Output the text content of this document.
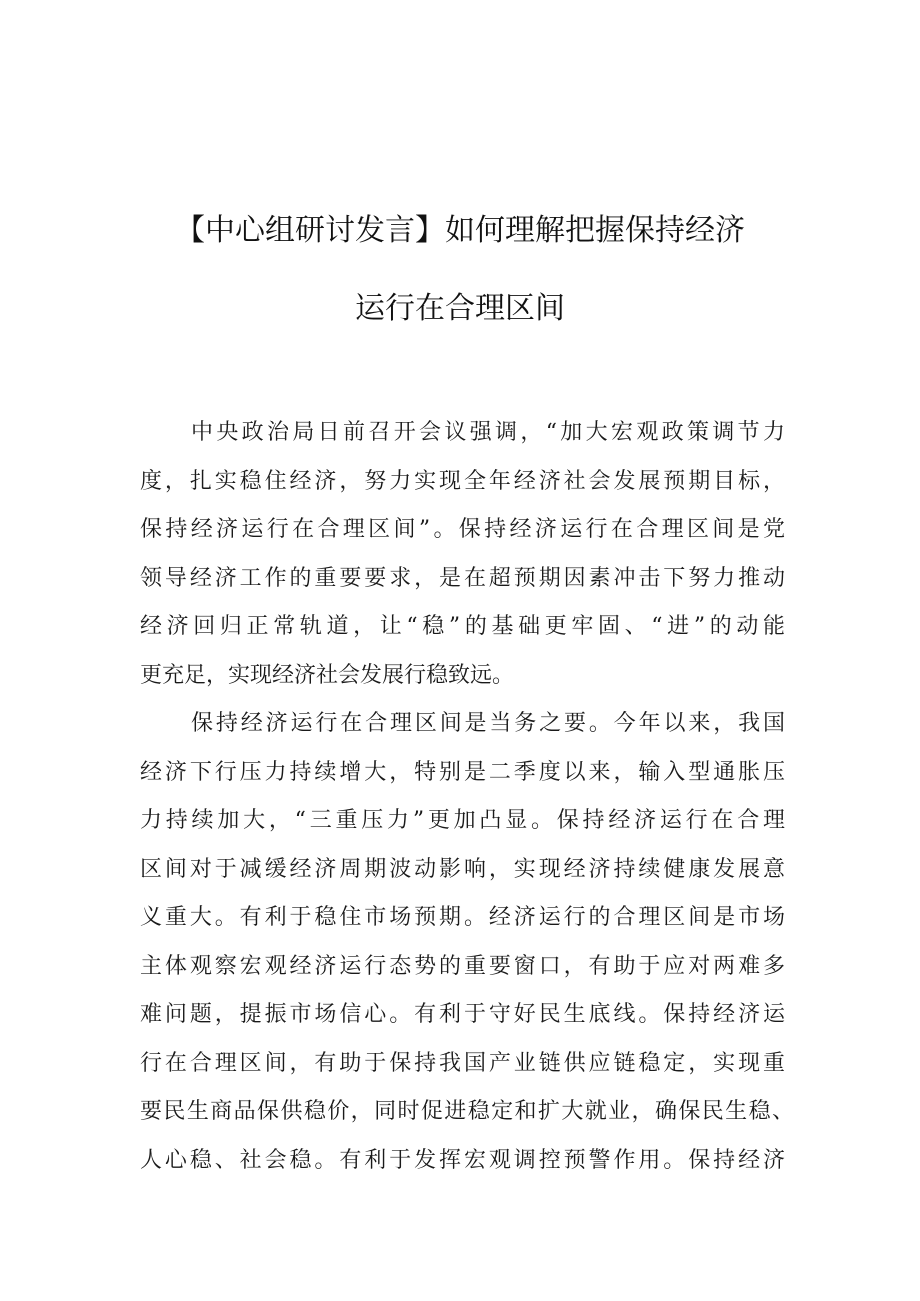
【中心组研讨发言】如何理解把握保持经济
运行在合理区间
中央政治局日前召开会议强调，“加大宏观政策调节力
度，扎实稳住经济，努力实现全年经济社会发展预期目标，
保持经济运行在合理区间”。保持经济运行在合理区间是党
领导经济工作的重要要求，是在超预期因素冲击下努力推动
经济回归正常轨道，让“稳”的基础更牢固、“进”的动能
更充足，实现经济社会发展行稳致远。
保持经济运行在合理区间是当务之要。今年以来，我国
经济下行压力持续增大，特别是二季度以来，输入型通胀压
力持续加大，“三重压力”更加凸显。保持经济运行在合理
区间对于减缓经济周期波动影响，实现经济持续健康发展意
义重大。有利于稳住市场预期。经济运行的合理区间是市场
主体观察宏观经济运行态势的重要窗口，有助于应对两难多
难问题，提振市场信心。有利于守好民生底线。保持经济运
行在合理区间，有助于保持我国产业链供应链稳定，实现重
要民生商品保供稳价，同时促进稳定和扩大就业，确保民生稳、
人心稳、社会稳。有利于发挥宏观调控预警作用。保持经济
